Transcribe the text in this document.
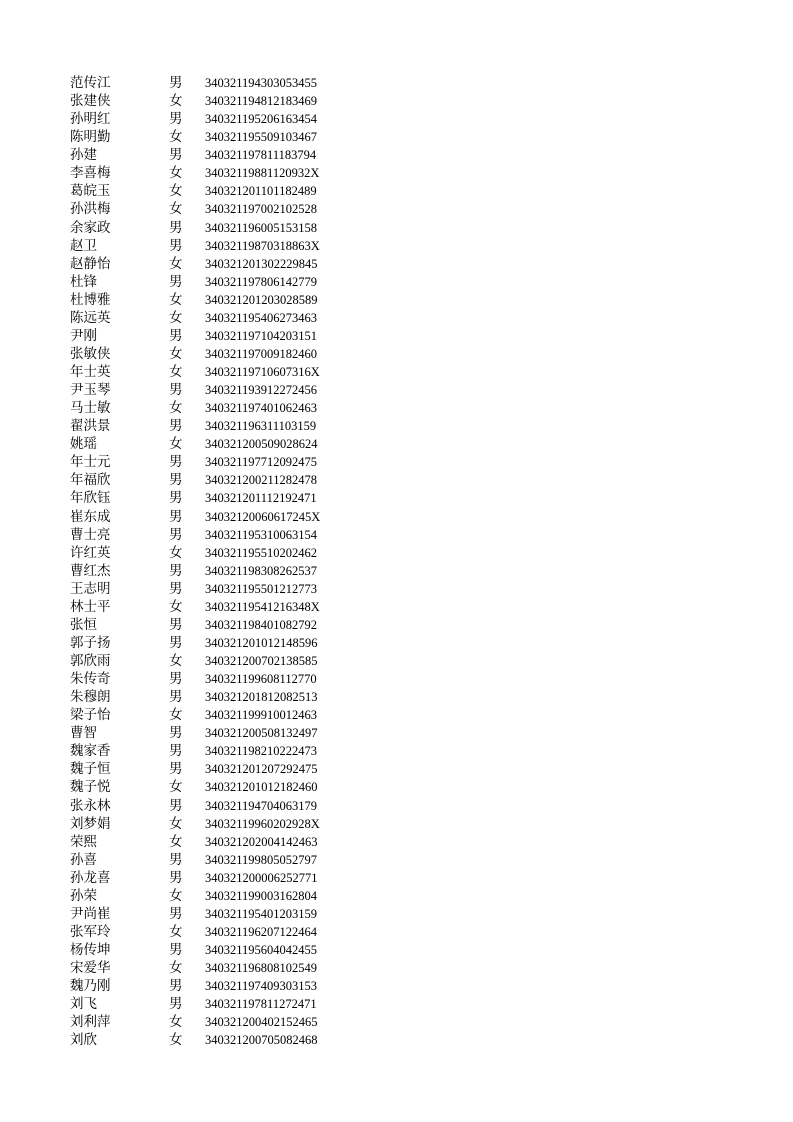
范传江	男	340321194303053455
张建侠	女	340321194812183469
孙明红	男	340321195206163454
陈明勤	女	340321195509103467
孙建	男	340321197811183794
李喜梅	女	34032119881120932X
葛皖玉	女	340321201101182489
孙洪梅	女	340321197002102528
余家政	男	340321196005153158
赵卫	男	34032119870318863X
赵静怡	女	340321201302229845
杜锋	男	340321197806142779
杜博雅	女	340321201203028589
陈远英	女	340321195406273463
尹刚	男	340321197104203151
张敏侠	女	340321197009182460
年士英	女	34032119710607316X
尹玉琴	男	340321193912272456
马士敏	女	340321197401062463
翟洪景	男	340321196311103159
姚瑶	女	340321200509028624
年士元	男	340321197712092475
年福欣	男	340321200211282478
年欣钰	男	340321201112192471
崔东成	男	34032120060617245X
曹士亮	男	340321195310063154
许红英	女	340321195510202462
曹红杰	男	340321198308262537
王志明	男	340321195501212773
林士平	女	34032119541216348X
张恒	男	340321198401082792
郭子扬	男	340321201012148596
郭欣雨	女	340321200702138585
朱传奇	男	340321199608112770
朱穆朗	男	340321201812082513
梁子怡	女	340321199910012463
曹智	男	340321200508132497
魏家香	男	340321198210222473
魏子恒	男	340321201207292475
魏子悦	女	340321201012182460
张永林	男	340321194704063179
刘梦娟	女	34032119960202928X
荣熙	女	340321202004142463
孙喜	男	340321199805052797
孙龙喜	男	340321200006252771
孙荣	女	340321199003162804
尹尚崔	男	340321195401203159
张军玲	女	340321196207122464
杨传坤	男	340321195604042455
宋爱华	女	340321196808102549
魏乃刚	男	340321197409303153
刘飞	男	340321197811272471
刘利萍	女	340321200402152465
刘欣	女	340321200705082468
